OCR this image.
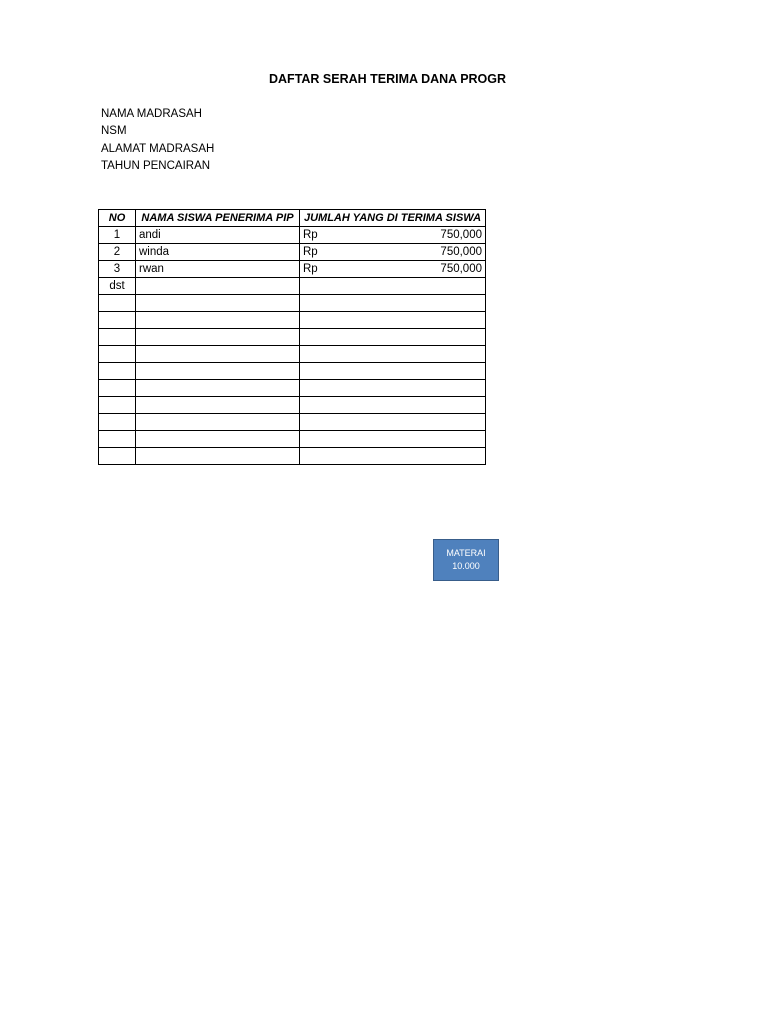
DAFTAR SERAH TERIMA DANA PROGR
NAMA MADRASAH
NSM
ALAMAT MADRASAH
TAHUN PENCAIRAN
NO	NAMA SISWA PENERIMA PIP	JUMLAH YANG DI TERIMA SISWA
1	andi	Rp 750,000

2	winda	Rp 750,000

3	rwan	Rp 750,000

dst		

MATERAI
10.000
